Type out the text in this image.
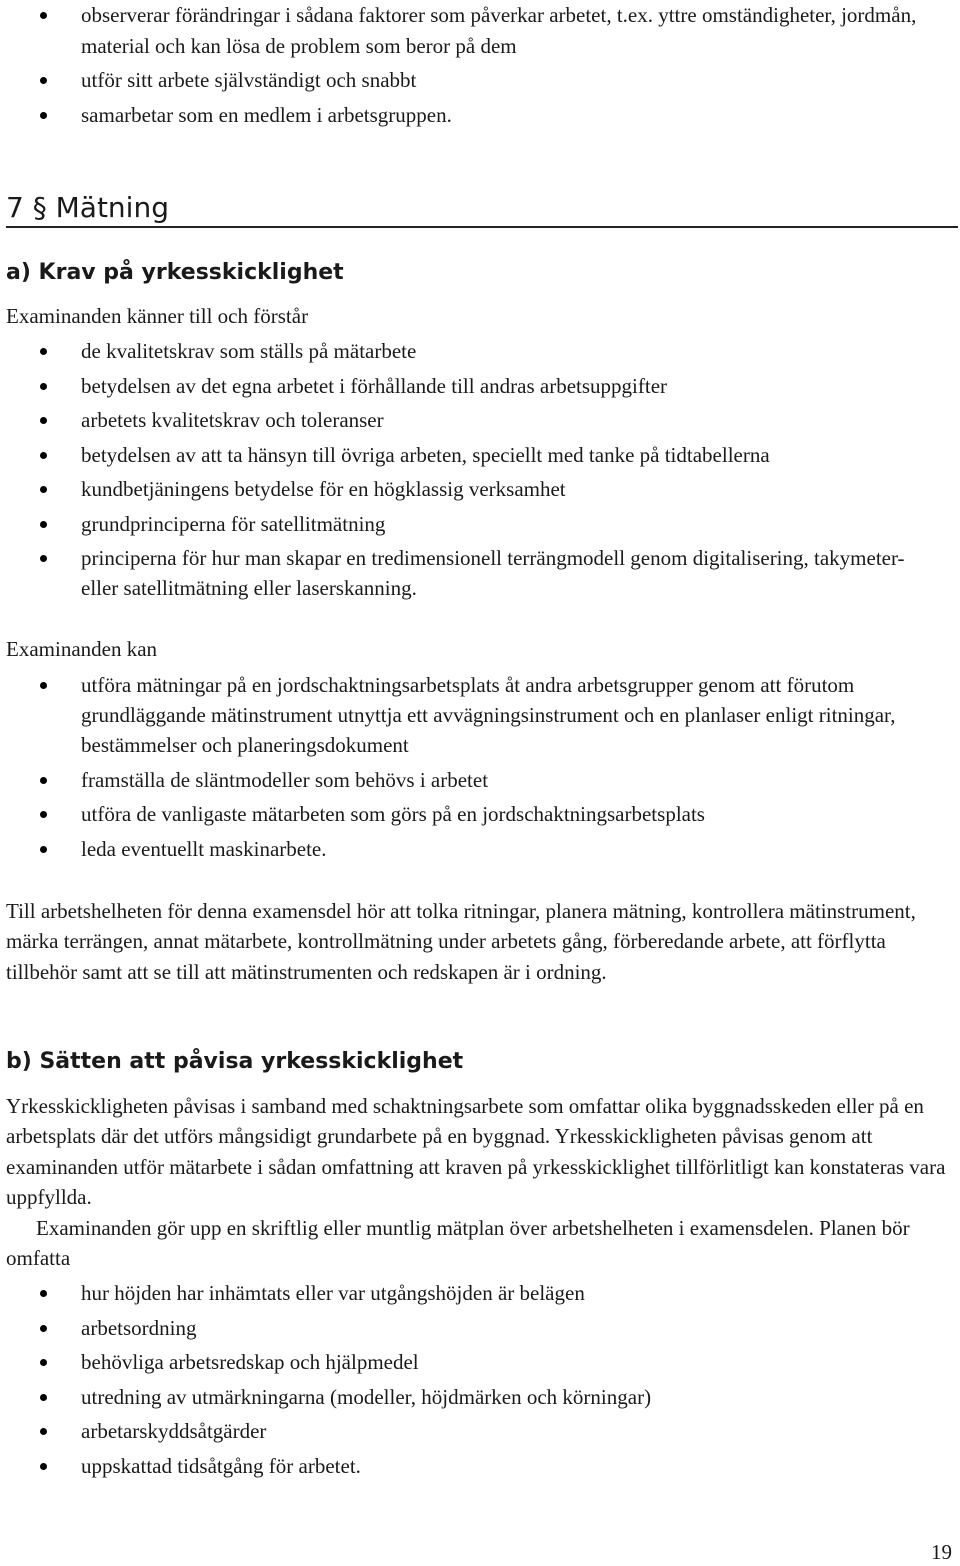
observerar förändringar i sådana faktorer som påverkar arbetet, t.ex. yttre omständigheter, jordmån, material och kan lösa de problem som beror på dem
utför sitt arbete självständigt och snabbt
samarbetar som en medlem i arbetsgruppen.
7 § Mätning
a) Krav på yrkesskicklighet

Examinanden känner till och förstår

de kvalitetskrav som ställs på mätarbete
betydelsen av det egna arbetet i förhållande till andras arbetsuppgifter
arbetets kvalitetskrav och toleranser
betydelsen av att ta hänsyn till övriga arbeten, speciellt med tanke på tidtabellerna
kundbetjäningens betydelse för en högklassig verksamhet
grundprinciperna för satellitmätning
principerna för hur man skapar en tredimensionell terrängmodell genom digitalisering, takymeter- eller satellitmätning eller laserskanning.

Examinanden kan

utföra mätningar på en jordschaktningsarbetsplats åt andra arbetsgrupper genom att förutom grundläggande mätinstrument utnyttja ett avvägningsinstrument och en planlaser enligt ritningar, bestämmelser och planeringsdokument
framställa de släntmodeller som behövs i arbetet
utföra de vanligaste mätarbeten som görs på en jordschaktningsarbetsplats
leda eventuellt maskinarbete.

Till arbetshelheten för denna examensdel hör att tolka ritningar, planera mätning, kontrollera mätinstrument, märka terrängen, annat mätarbete, kontrollmätning under arbetets gång, förberedande arbete, att förflytta tillbehör samt att se till att mätinstrumenten och redskapen är i ordning.

b) Sätten att påvisa yrkesskicklighet

Yrkesskickligheten påvisas i samband med schaktningsarbete som omfattar olika byggnadsskeden eller på en arbetsplats där det utförs mångsidigt grundarbete på en byggnad. Yrkesskickligheten påvisas genom att examinanden utför mätarbete i sådan omfattning att kraven på yrkesskicklighet tillförlitligt kan konstateras vara uppfyllda.

Examinanden gör upp en skriftlig eller muntlig mätplan över arbetshelheten i examensdelen. Planen bör omfatta

hur höjden har inhämtats eller var utgångshöjden är belägen
arbetsordning
behövliga arbetsredskap och hjälpmedel
utredning av utmärkningarna (modeller, höjdmärken och körningar)
arbetarskyddsåtgärder
uppskattad tidsåtgång för arbetet.

19
